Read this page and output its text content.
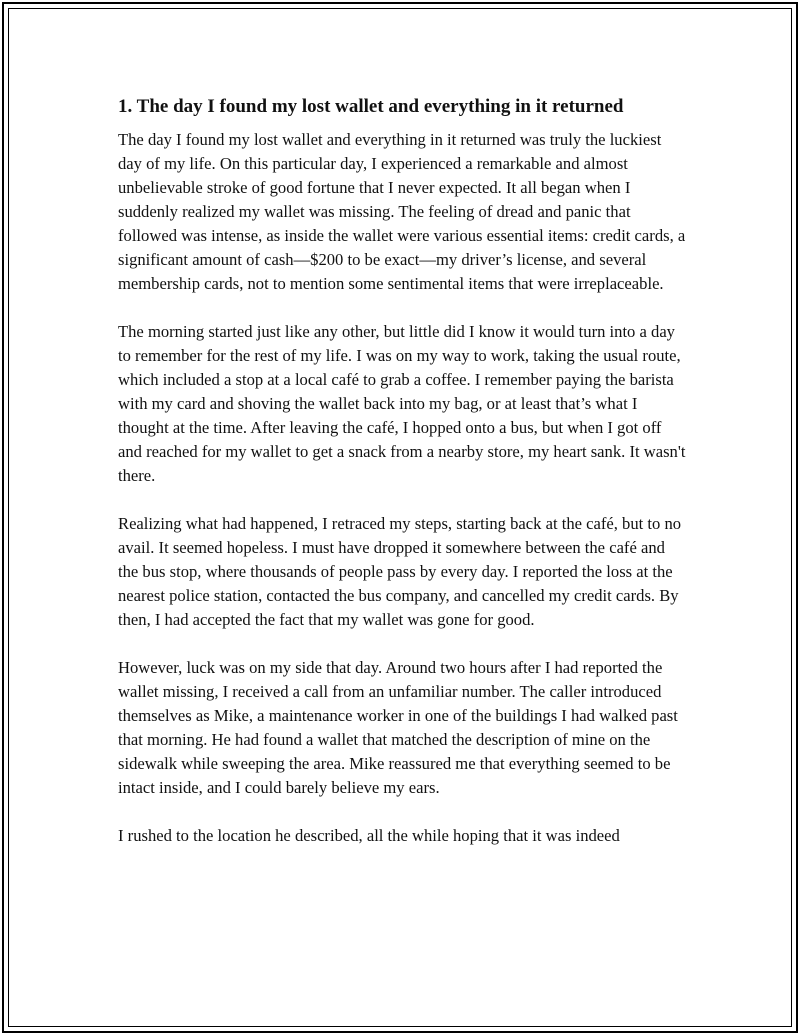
1. The day I found my lost wallet and everything in it returned

The day I found my lost wallet and everything in it returned was truly the luckiest day of my life. On this particular day, I experienced a remarkable and almost unbelievable stroke of good fortune that I never expected. It all began when I suddenly realized my wallet was missing. The feeling of dread and panic that followed was intense, as inside the wallet were various essential items: credit cards, a significant amount of cash—$200 to be exact—my driver’s license, and several membership cards, not to mention some sentimental items that were irreplaceable.

The morning started just like any other, but little did I know it would turn into a day to remember for the rest of my life. I was on my way to work, taking the usual route, which included a stop at a local café to grab a coffee. I remember paying the barista with my card and shoving the wallet back into my bag, or at least that’s what I thought at the time. After leaving the café, I hopped onto a bus, but when I got off and reached for my wallet to get a snack from a nearby store, my heart sank. It wasn't there.

Realizing what had happened, I retraced my steps, starting back at the café, but to no avail. It seemed hopeless. I must have dropped it somewhere between the café and the bus stop, where thousands of people pass by every day. I reported the loss at the nearest police station, contacted the bus company, and cancelled my credit cards. By then, I had accepted the fact that my wallet was gone for good.

However, luck was on my side that day. Around two hours after I had reported the wallet missing, I received a call from an unfamiliar number. The caller introduced themselves as Mike, a maintenance worker in one of the buildings I had walked past that morning. He had found a wallet that matched the description of mine on the sidewalk while sweeping the area. Mike reassured me that everything seemed to be intact inside, and I could barely believe my ears.

I rushed to the location he described, all the while hoping that it was indeed
